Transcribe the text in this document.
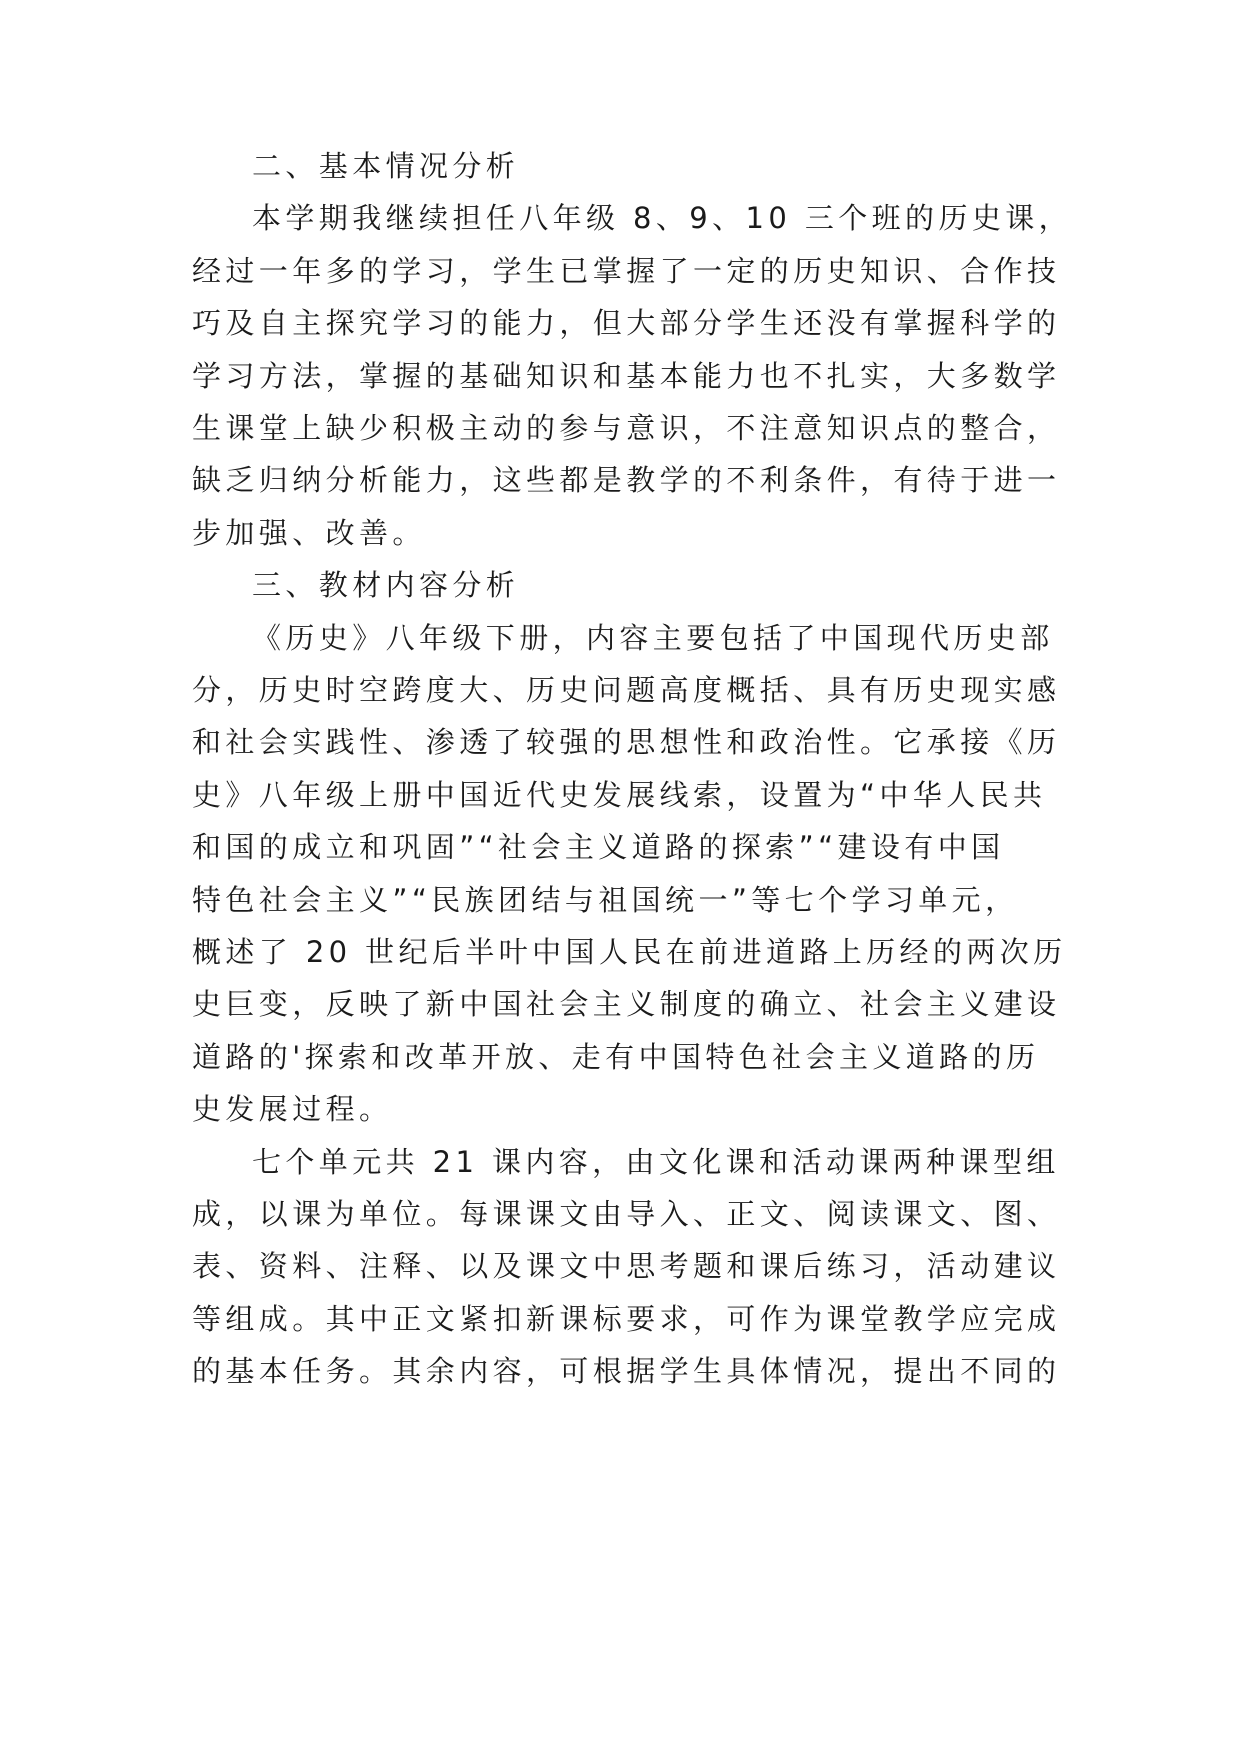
二、基本情况分析
本学期我继续担任八年级 8、9、10 三个班的历史课，
经过一年多的学习，学生已掌握了一定的历史知识、合作技
巧及自主探究学习的能力，但大部分学生还没有掌握科学的
学习方法，掌握的基础知识和基本能力也不扎实，大多数学
生课堂上缺少积极主动的参与意识，不注意知识点的整合，
缺乏归纳分析能力，这些都是教学的不利条件，有待于进一
步加强、改善。
三、教材内容分析
《历史》八年级下册，内容主要包括了中国现代历史部
分，历史时空跨度大、历史问题高度概括、具有历史现实感
和社会实践性、渗透了较强的思想性和政治性。它承接《历
史》八年级上册中国近代史发展线索，设置为“中华人民共
和国的成立和巩固”“社会主义道路的探索”“建设有中国
特色社会主义”“民族团结与祖国统一”等七个学习单元，
概述了 20 世纪后半叶中国人民在前进道路上历经的两次历
史巨变，反映了新中国社会主义制度的确立、社会主义建设
道路的'探索和改革开放、走有中国特色社会主义道路的历
史发展过程。
七个单元共 21 课内容，由文化课和活动课两种课型组
成，以课为单位。每课课文由导入、正文、阅读课文、图、
表、资料、注释、以及课文中思考题和课后练习，活动建议
等组成。其中正文紧扣新课标要求，可作为课堂教学应完成
的基本任务。其余内容，可根据学生具体情况，提出不同的
